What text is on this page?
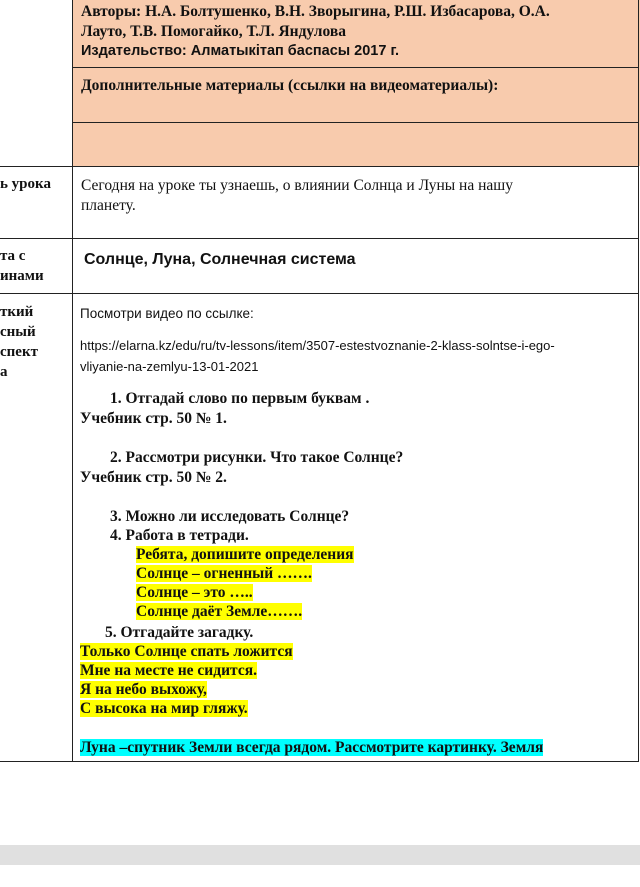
Авторы: Н.А. Болтушенко, В.Н. Зворыгина, Р.Ш. Избасарова, О.А.
Лауто, Т.В. Помогайко, Т.Л. Яндулова
Издательство: Алматыкітап баспасы 2017 г.
Дополнительные материалы (ссылки на видеоматериалы):
ь урока
та с
инами
ткий
сный
спект
а
Сегодня на уроке ты узнаешь, о влиянии Солнца и Луны на нашу
планету.
Солнце, Луна, Солнечная система
Посмотри видео по ссылке:
https://elarna.kz/edu/ru/tv-lessons/item/3507-estestvoznanie-2-klass-solntse-i-ego-
vliyanie-na-zemlyu-13-01-2021
1. Отгадай слово по первым буквам .
Учебник стр. 50 № 1.
2. Рассмотри рисунки. Что такое Солнце?
Учебник стр. 50 № 2.
3. Можно ли исследовать Солнце?
4. Работа в тетради.
Ребята, допишите определения
Солнце – огненный …….
Солнце – это …..
Солнце даёт Земле…….
5. Отгадайте загадку.
Только Солнце спать ложится
Мне на месте не сидится.
Я на небо выхожу,
С высока на мир гляжу.
Луна –спутник Земли всегда рядом. Рассмотрите картинку. Земля
